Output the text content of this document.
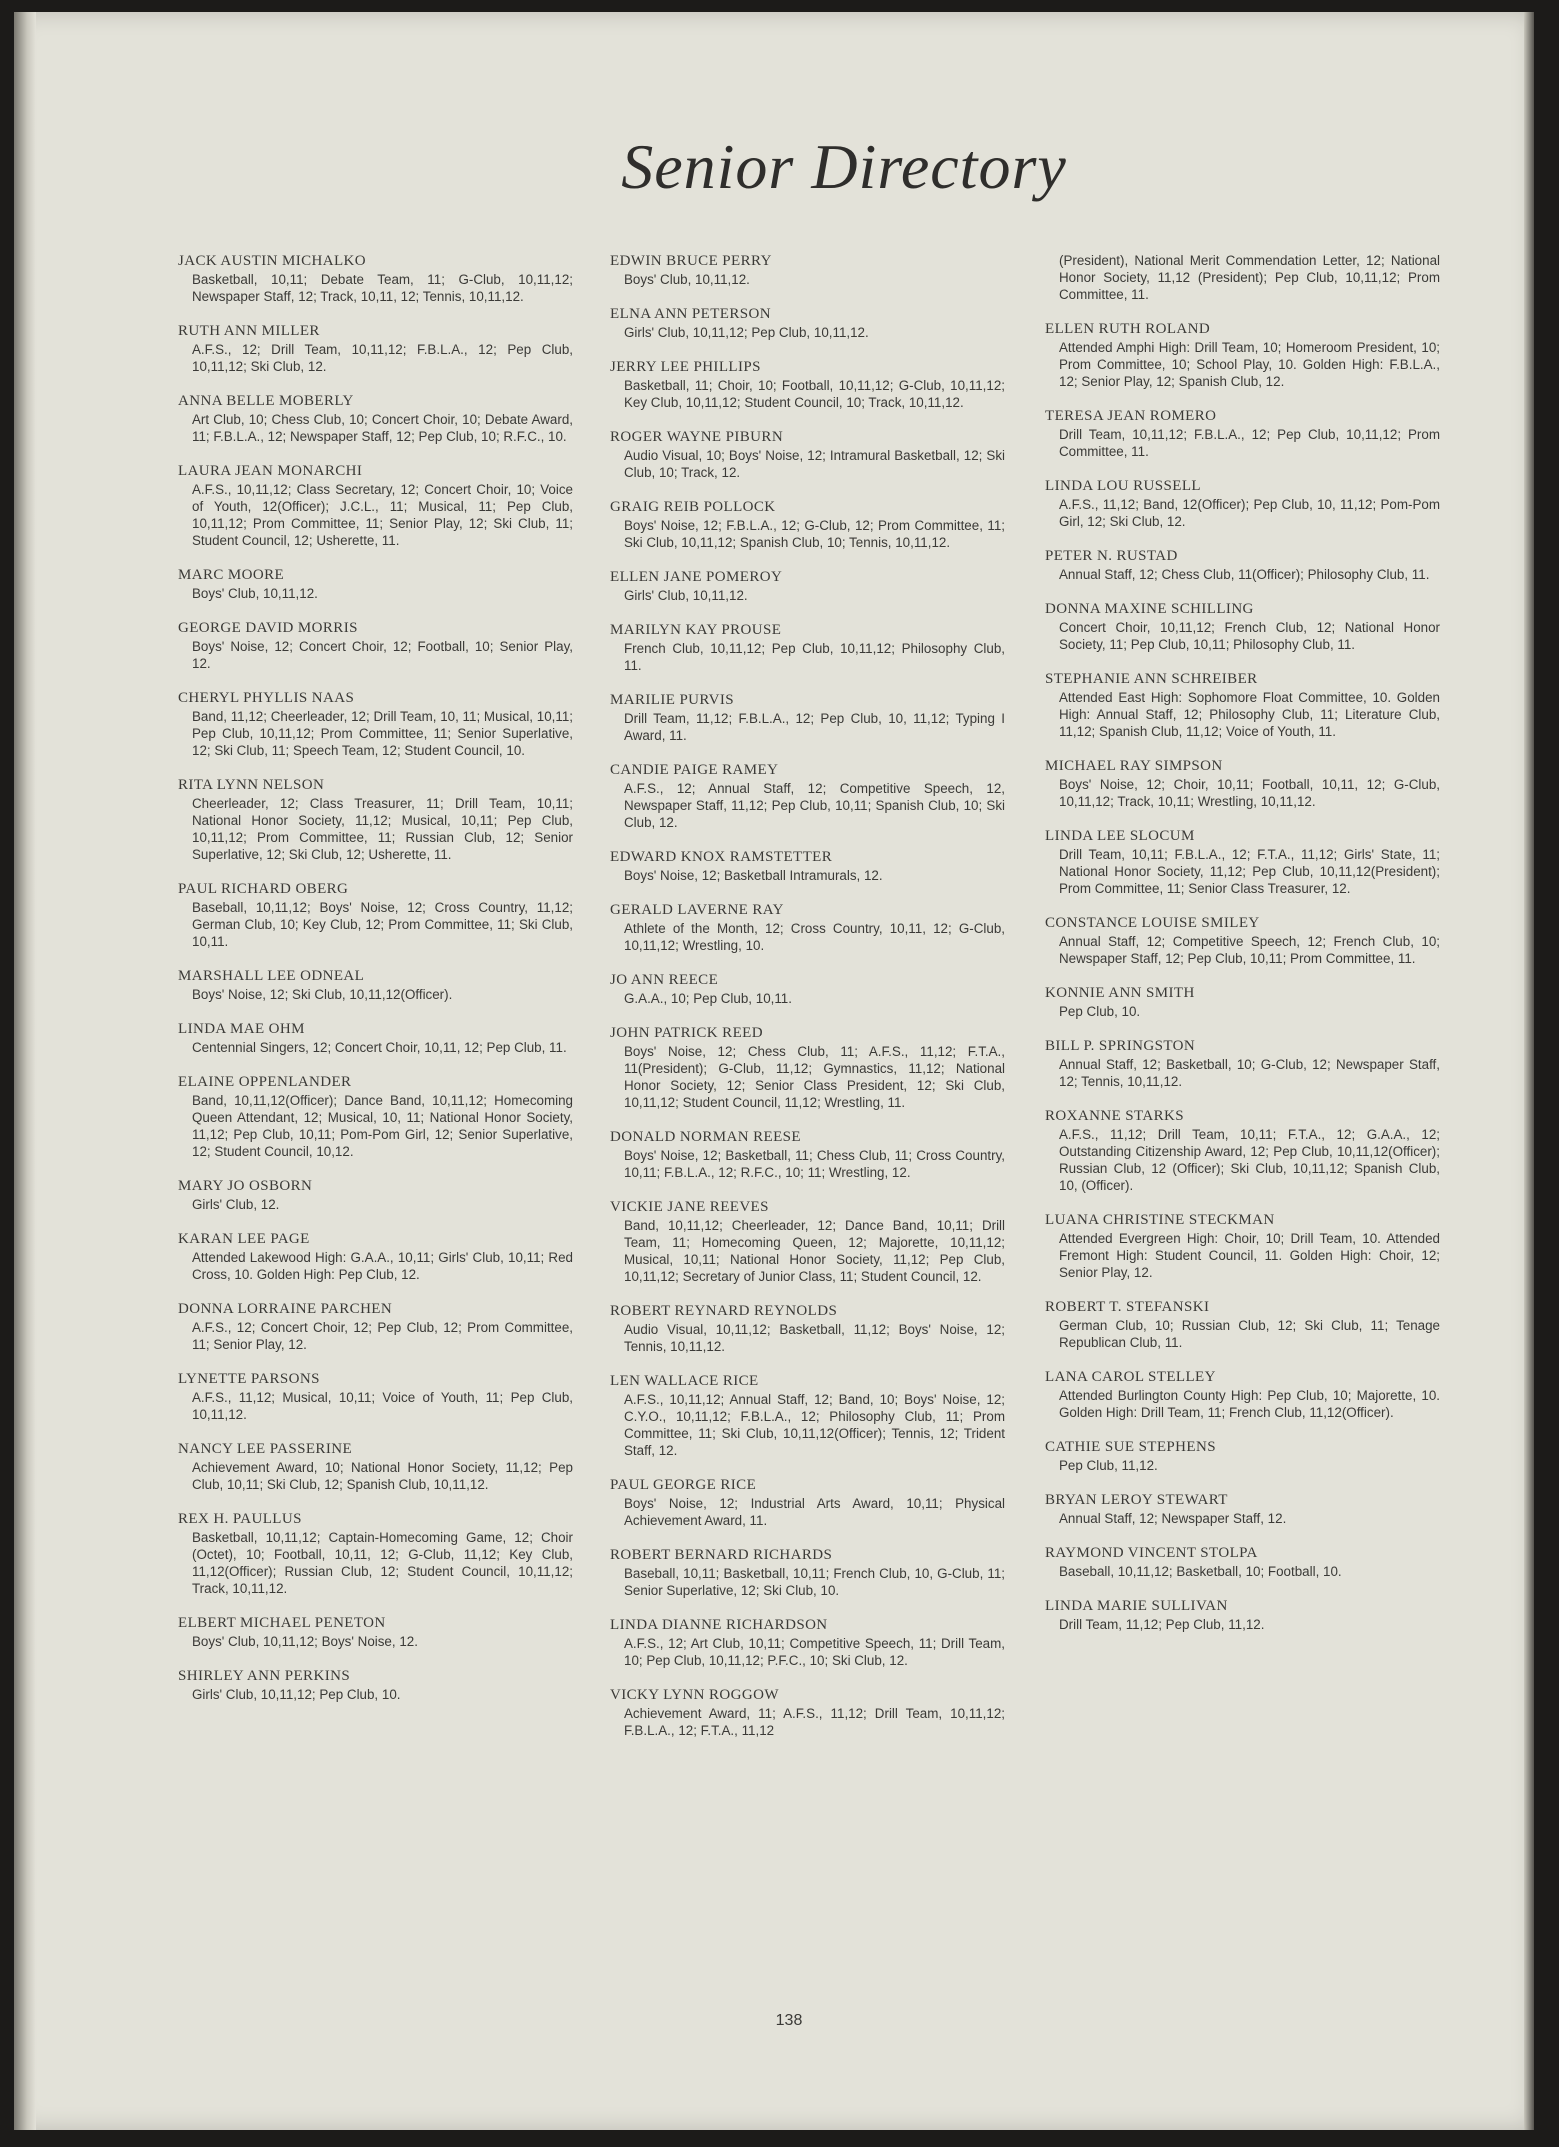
Senior Directory
JACK AUSTIN MICHALKO
Basketball, 10,11; Debate Team, 11; G-Club, 10,11,12; Newspaper Staff, 12; Track, 10,11, 12; Tennis, 10,11,12.
RUTH ANN MILLER
A.F.S., 12; Drill Team, 10,11,12; F.B.L.A., 12; Pep Club, 10,11,12; Ski Club, 12.
ANNA BELLE MOBERLY
Art Club, 10; Chess Club, 10; Concert Choir, 10; Debate Award, 11; F.B.L.A., 12; Newspaper Staff, 12; Pep Club, 10; R.F.C., 10.
LAURA JEAN MONARCHI
A.F.S., 10,11,12; Class Secretary, 12; Concert Choir, 10; Voice of Youth, 12(Officer); J.C.L., 11; Musical, 11; Pep Club, 10,11,12; Prom Committee, 11; Senior Play, 12; Ski Club, 11; Student Council, 12; Usherette, 11.
MARC MOORE
Boys' Club, 10,11,12.
GEORGE DAVID MORRIS
Boys' Noise, 12; Concert Choir, 12; Football, 10; Senior Play, 12.
CHERYL PHYLLIS NAAS
Band, 11,12; Cheerleader, 12; Drill Team, 10, 11; Musical, 10,11; Pep Club, 10,11,12; Prom Committee, 11; Senior Superlative, 12; Ski Club, 11; Speech Team, 12; Student Council, 10.
RITA LYNN NELSON
Cheerleader, 12; Class Treasurer, 11; Drill Team, 10,11; National Honor Society, 11,12; Musical, 10,11; Pep Club, 10,11,12; Prom Committee, 11; Russian Club, 12; Senior Superlative, 12; Ski Club, 12; Usherette, 11.
PAUL RICHARD OBERG
Baseball, 10,11,12; Boys' Noise, 12; Cross Country, 11,12; German Club, 10; Key Club, 12; Prom Committee, 11; Ski Club, 10,11.
MARSHALL LEE ODNEAL
Boys' Noise, 12; Ski Club, 10,11,12(Officer).
LINDA MAE OHM
Centennial Singers, 12; Concert Choir, 10,11, 12; Pep Club, 11.
ELAINE OPPENLANDER
Band, 10,11,12(Officer); Dance Band, 10,11,12; Homecoming Queen Attendant, 12; Musical, 10, 11; National Honor Society, 11,12; Pep Club, 10,11; Pom-Pom Girl, 12; Senior Superlative, 12; Student Council, 10,12.
MARY JO OSBORN
Girls' Club, 12.
KARAN LEE PAGE
Attended Lakewood High: G.A.A., 10,11; Girls' Club, 10,11; Red Cross, 10. Golden High: Pep Club, 12.
DONNA LORRAINE PARCHEN
A.F.S., 12; Concert Choir, 12; Pep Club, 12; Prom Committee, 11; Senior Play, 12.
LYNETTE PARSONS
A.F.S., 11,12; Musical, 10,11; Voice of Youth, 11; Pep Club, 10,11,12.
NANCY LEE PASSERINE
Achievement Award, 10; National Honor Society, 11,12; Pep Club, 10,11; Ski Club, 12; Spanish Club, 10,11,12.
REX H. PAULLUS
Basketball, 10,11,12; Captain-Homecoming Game, 12; Choir (Octet), 10; Football, 10,11, 12; G-Club, 11,12; Key Club, 11,12(Officer); Russian Club, 12; Student Council, 10,11,12; Track, 10,11,12.
ELBERT MICHAEL PENETON
Boys' Club, 10,11,12; Boys' Noise, 12.
SHIRLEY ANN PERKINS
Girls' Club, 10,11,12; Pep Club, 10.
EDWIN BRUCE PERRY
Boys' Club, 10,11,12.
ELNA ANN PETERSON
Girls' Club, 10,11,12; Pep Club, 10,11,12.
JERRY LEE PHILLIPS
Basketball, 11; Choir, 10; Football, 10,11,12; G-Club, 10,11,12; Key Club, 10,11,12; Student Council, 10; Track, 10,11,12.
ROGER WAYNE PIBURN
Audio Visual, 10; Boys' Noise, 12; Intramural Basketball, 12; Ski Club, 10; Track, 12.
GRAIG REIB POLLOCK
Boys' Noise, 12; F.B.L.A., 12; G-Club, 12; Prom Committee, 11; Ski Club, 10,11,12; Spanish Club, 10; Tennis, 10,11,12.
ELLEN JANE POMEROY
Girls' Club, 10,11,12.
MARILYN KAY PROUSE
French Club, 10,11,12; Pep Club, 10,11,12; Philosophy Club, 11.
MARILIE PURVIS
Drill Team, 11,12; F.B.L.A., 12; Pep Club, 10, 11,12; Typing I Award, 11.
CANDIE PAIGE RAMEY
A.F.S., 12; Annual Staff, 12; Competitive Speech, 12, Newspaper Staff, 11,12; Pep Club, 10,11; Spanish Club, 10; Ski Club, 12.
EDWARD KNOX RAMSTETTER
Boys' Noise, 12; Basketball Intramurals, 12.
GERALD LAVERNE RAY
Athlete of the Month, 12; Cross Country, 10,11, 12; G-Club, 10,11,12; Wrestling, 10.
JO ANN REECE
G.A.A., 10; Pep Club, 10,11.
JOHN PATRICK REED
Boys' Noise, 12; Chess Club, 11; A.F.S., 11,12; F.T.A., 11(President); G-Club, 11,12; Gymnastics, 11,12; National Honor Society, 12; Senior Class President, 12; Ski Club, 10,11,12; Student Council, 11,12; Wrestling, 11.
DONALD NORMAN REESE
Boys' Noise, 12; Basketball, 11; Chess Club, 11; Cross Country, 10,11; F.B.L.A., 12; R.F.C., 10; 11; Wrestling, 12.
VICKIE JANE REEVES
Band, 10,11,12; Cheerleader, 12; Dance Band, 10,11; Drill Team, 11; Homecoming Queen, 12; Majorette, 10,11,12; Musical, 10,11; National Honor Society, 11,12; Pep Club, 10,11,12; Secretary of Junior Class, 11; Student Council, 12.
ROBERT REYNARD REYNOLDS
Audio Visual, 10,11,12; Basketball, 11,12; Boys' Noise, 12; Tennis, 10,11,12.
LEN WALLACE RICE
A.F.S., 10,11,12; Annual Staff, 12; Band, 10; Boys' Noise, 12; C.Y.O., 10,11,12; F.B.L.A., 12; Philosophy Club, 11; Prom Committee, 11; Ski Club, 10,11,12(Officer); Tennis, 12; Trident Staff, 12.
PAUL GEORGE RICE
Boys' Noise, 12; Industrial Arts Award, 10,11; Physical Achievement Award, 11.
ROBERT BERNARD RICHARDS
Baseball, 10,11; Basketball, 10,11; French Club, 10, G-Club, 11; Senior Superlative, 12; Ski Club, 10.
LINDA DIANNE RICHARDSON
A.F.S., 12; Art Club, 10,11; Competitive Speech, 11; Drill Team, 10; Pep Club, 10,11,12; P.F.C., 10; Ski Club, 12.
VICKY LYNN ROGGOW
Achievement Award, 11; A.F.S., 11,12; Drill Team, 10,11,12; F.B.L.A., 12; F.T.A., 11,12
(President), National Merit Commendation Letter, 12; National Honor Society, 11,12 (President); Pep Club, 10,11,12; Prom Committee, 11.
ELLEN RUTH ROLAND
Attended Amphi High: Drill Team, 10; Homeroom President, 10; Prom Committee, 10; School Play, 10. Golden High: F.B.L.A., 12; Senior Play, 12; Spanish Club, 12.
TERESA JEAN ROMERO
Drill Team, 10,11,12; F.B.L.A., 12; Pep Club, 10,11,12; Prom Committee, 11.
LINDA LOU RUSSELL
A.F.S., 11,12; Band, 12(Officer); Pep Club, 10, 11,12; Pom-Pom Girl, 12; Ski Club, 12.
PETER N. RUSTAD
Annual Staff, 12; Chess Club, 11(Officer); Philosophy Club, 11.
DONNA MAXINE SCHILLING
Concert Choir, 10,11,12; French Club, 12; National Honor Society, 11; Pep Club, 10,11; Philosophy Club, 11.
STEPHANIE ANN SCHREIBER
Attended East High: Sophomore Float Committee, 10. Golden High: Annual Staff, 12; Philosophy Club, 11; Literature Club, 11,12; Spanish Club, 11,12; Voice of Youth, 11.
MICHAEL RAY SIMPSON
Boys' Noise, 12; Choir, 10,11; Football, 10,11, 12; G-Club, 10,11,12; Track, 10,11; Wrestling, 10,11,12.
LINDA LEE SLOCUM
Drill Team, 10,11; F.B.L.A., 12; F.T.A., 11,12; Girls' State, 11; National Honor Society, 11,12; Pep Club, 10,11,12(President); Prom Committee, 11; Senior Class Treasurer, 12.
CONSTANCE LOUISE SMILEY
Annual Staff, 12; Competitive Speech, 12; French Club, 10; Newspaper Staff, 12; Pep Club, 10,11; Prom Committee, 11.
KONNIE ANN SMITH
Pep Club, 10.
BILL P. SPRINGSTON
Annual Staff, 12; Basketball, 10; G-Club, 12; Newspaper Staff, 12; Tennis, 10,11,12.
ROXANNE STARKS
A.F.S., 11,12; Drill Team, 10,11; F.T.A., 12; G.A.A., 12; Outstanding Citizenship Award, 12; Pep Club, 10,11,12(Officer); Russian Club, 12 (Officer); Ski Club, 10,11,12; Spanish Club, 10, (Officer).
LUANA CHRISTINE STECKMAN
Attended Evergreen High: Choir, 10; Drill Team, 10. Attended Fremont High: Student Council, 11. Golden High: Choir, 12; Senior Play, 12.
ROBERT T. STEFANSKI
German Club, 10; Russian Club, 12; Ski Club, 11; Tenage Republican Club, 11.
LANA CAROL STELLEY
Attended Burlington County High: Pep Club, 10; Majorette, 10. Golden High: Drill Team, 11; French Club, 11,12(Officer).
CATHIE SUE STEPHENS
Pep Club, 11,12.
BRYAN LEROY STEWART
Annual Staff, 12; Newspaper Staff, 12.
RAYMOND VINCENT STOLPA
Baseball, 10,11,12; Basketball, 10; Football, 10.
LINDA MARIE SULLIVAN
Drill Team, 11,12; Pep Club, 11,12.
138
